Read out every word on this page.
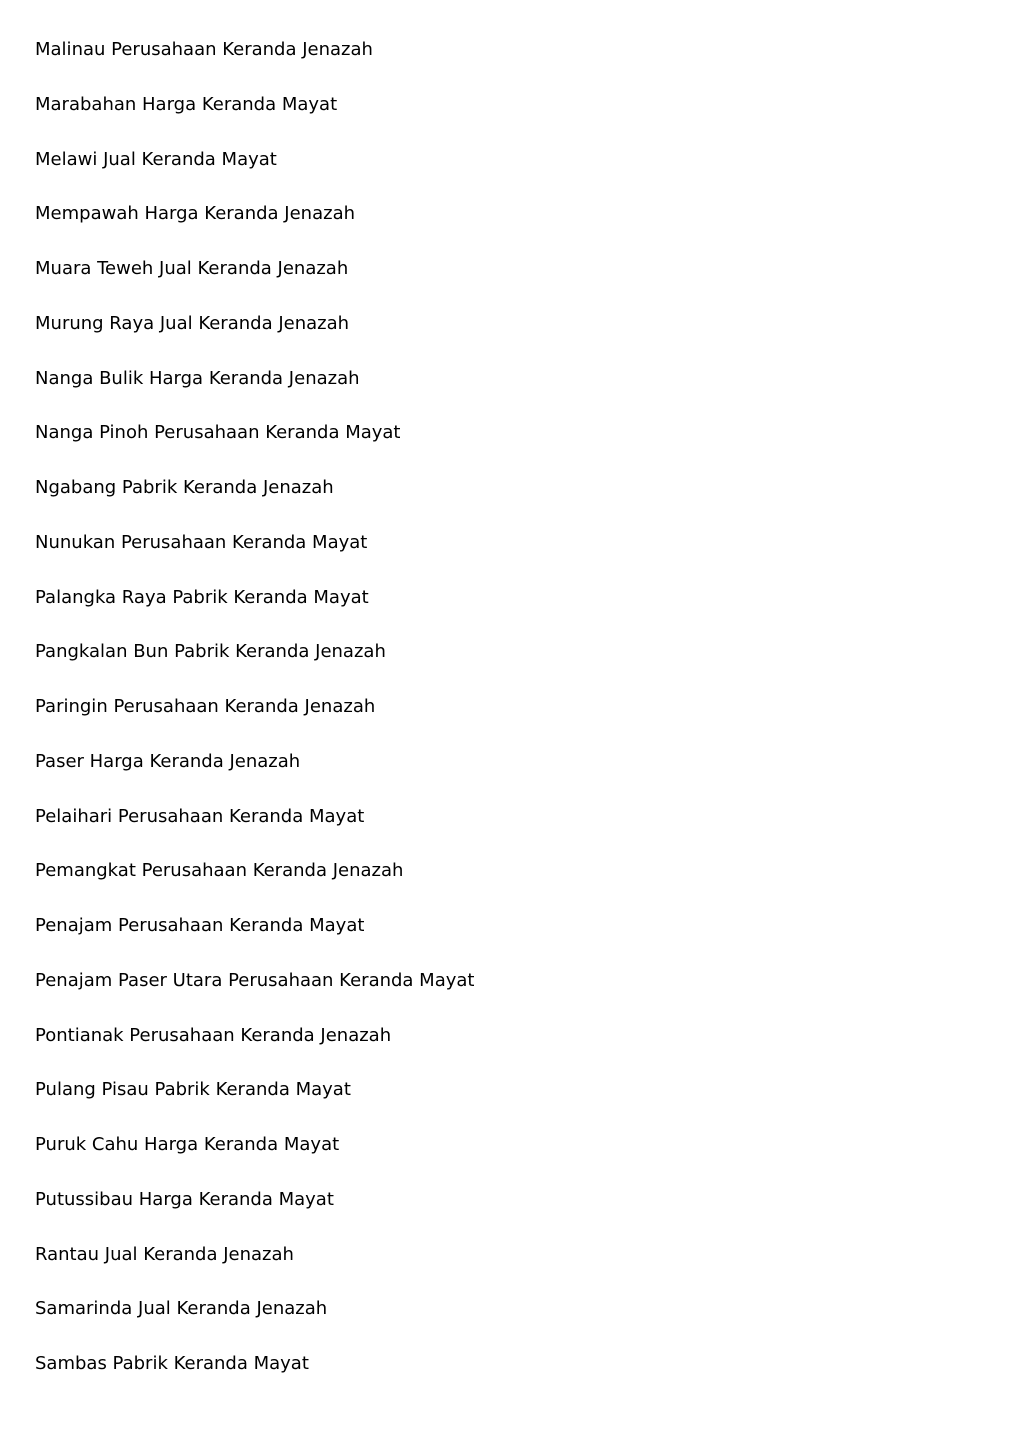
Malinau Perusahaan Keranda Jenazah
Marabahan Harga Keranda Mayat
Melawi Jual Keranda Mayat
Mempawah Harga Keranda Jenazah
Muara Teweh Jual Keranda Jenazah
Murung Raya Jual Keranda Jenazah
Nanga Bulik Harga Keranda Jenazah
Nanga Pinoh Perusahaan Keranda Mayat
Ngabang Pabrik Keranda Jenazah
Nunukan Perusahaan Keranda Mayat
Palangka Raya Pabrik Keranda Mayat
Pangkalan Bun Pabrik Keranda Jenazah
Paringin Perusahaan Keranda Jenazah
Paser Harga Keranda Jenazah
Pelaihari Perusahaan Keranda Mayat
Pemangkat Perusahaan Keranda Jenazah
Penajam Perusahaan Keranda Mayat
Penajam Paser Utara Perusahaan Keranda Mayat
Pontianak Perusahaan Keranda Jenazah
Pulang Pisau Pabrik Keranda Mayat
Puruk Cahu Harga Keranda Mayat
Putussibau Harga Keranda Mayat
Rantau Jual Keranda Jenazah
Samarinda Jual Keranda Jenazah
Sambas Pabrik Keranda Mayat
